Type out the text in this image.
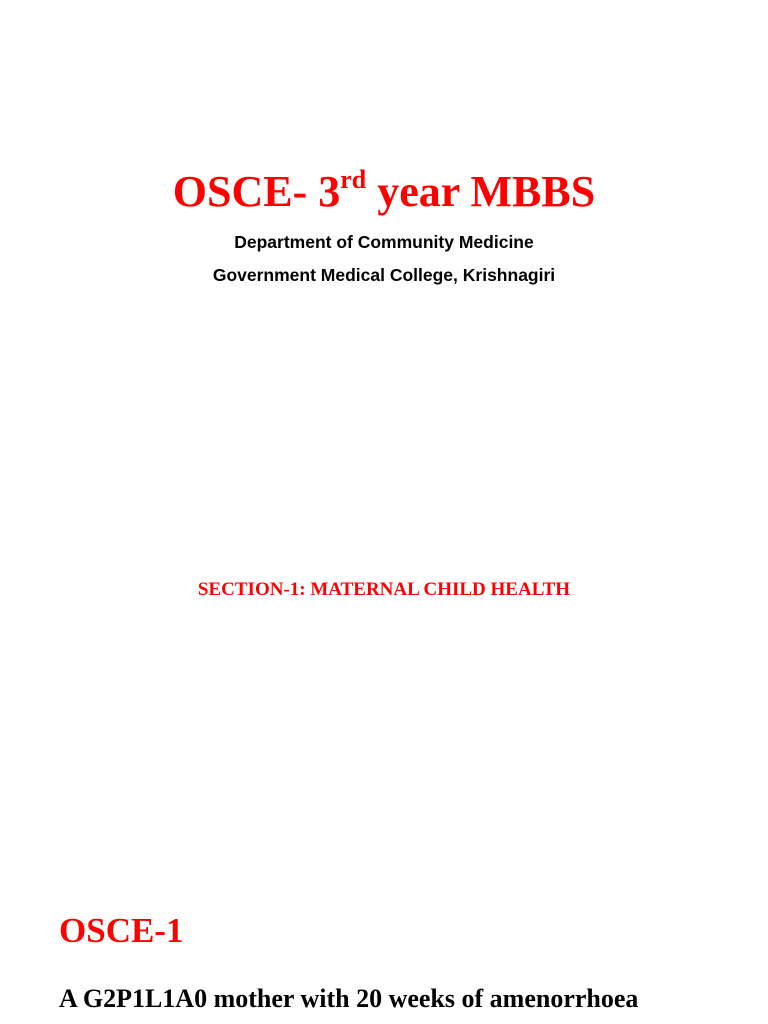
OSCE- 3rd year MBBS

Department of Community Medicine

Government Medical College, Krishnagiri

SECTION-1: MATERNAL CHILD HEALTH
OSCE-1

A G2P1L1A0 mother with 20 weeks of amenorrhoea
